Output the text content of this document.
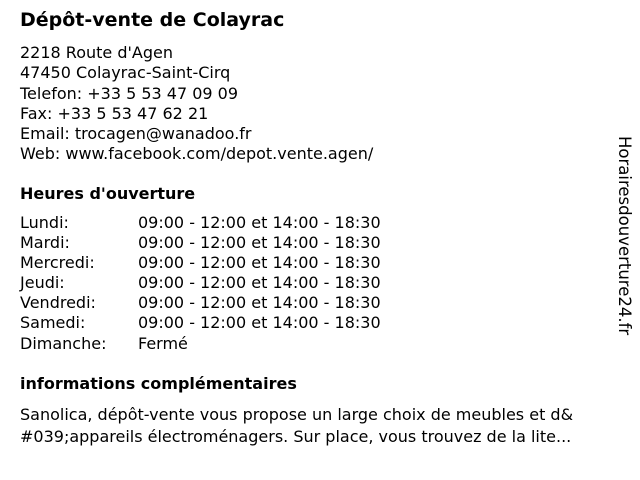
Dépôt-vente de Colayrac
2218 Route d'Agen
47450 Colayrac-Saint-Cirq
Telefon: +33 5 53 47 09 09
Fax: +33 5 53 47 62 21
Email: trocagen@wanadoo.fr
Web: www.facebook.com/depot.vente.agen/
Heures d'ouverture
Lundi:	09:00 - 12:00 et 14:00 - 18:30
Mardi:	09:00 - 12:00 et 14:00 - 18:30
Mercredi:	09:00 - 12:00 et 14:00 - 18:30
Jeudi:	09:00 - 12:00 et 14:00 - 18:30
Vendredi:	09:00 - 12:00 et 14:00 - 18:30
Samedi:	09:00 - 12:00 et 14:00 - 18:30
Dimanche:	Fermé
informations complémentaires
Sanolica, dépôt-vente vous propose un large choix de meubles et d&
#039;appareils électroménagers. Sur place, vous trouvez de la lite...
Horairesdouverture24.fr
